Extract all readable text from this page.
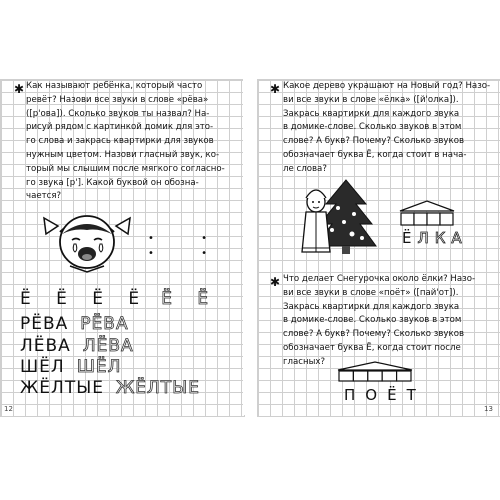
✱ Как называют ребёнка, который часто

ревёт? Назови все звуки в слове «рёва»

([р'ова]). Сколько звуков ты назвал? На-

рисуй рядом с картинкой домик для это-

го слова и закрась квартирки для звуков

нужным цветом. Назови гласный звук, ко-

торый мы слышим после мягкого согласно-

го звука [р']. Какой буквой он обозна-

чается?

• •
• •
Ё Ё Ё Ё Ё Ё
РЁВА РЁВА
ЛЁВА ЛЁВА
ШЁЛ ШЁЛ
ЖЁЛТЫЕ ЖЁЛТЫЕ
12
✱ Какое дерево украшают на Новый год? Назо-

ви все звуки в слове «ёлка» ([й'олка]).

Закрась квартирки для каждого звука

в домике-слове. Сколько звуков в этом

слове? А букв? Почему? Сколько звуков

обозначает буква Ё, когда стоит в нача-

ле слова?

ЁЛКА
✱ Что делает Снегурочка около ёлки? Назо-

ви все звуки в слове «поёт» ([пай'от]).

Закрась квартирки для каждого звука

в домике-слове. Сколько звуков в этом

слове? А букв? Почему? Сколько звуков

обозначает буква Ё, когда стоит после

гласных?

ПОЁТ
13
